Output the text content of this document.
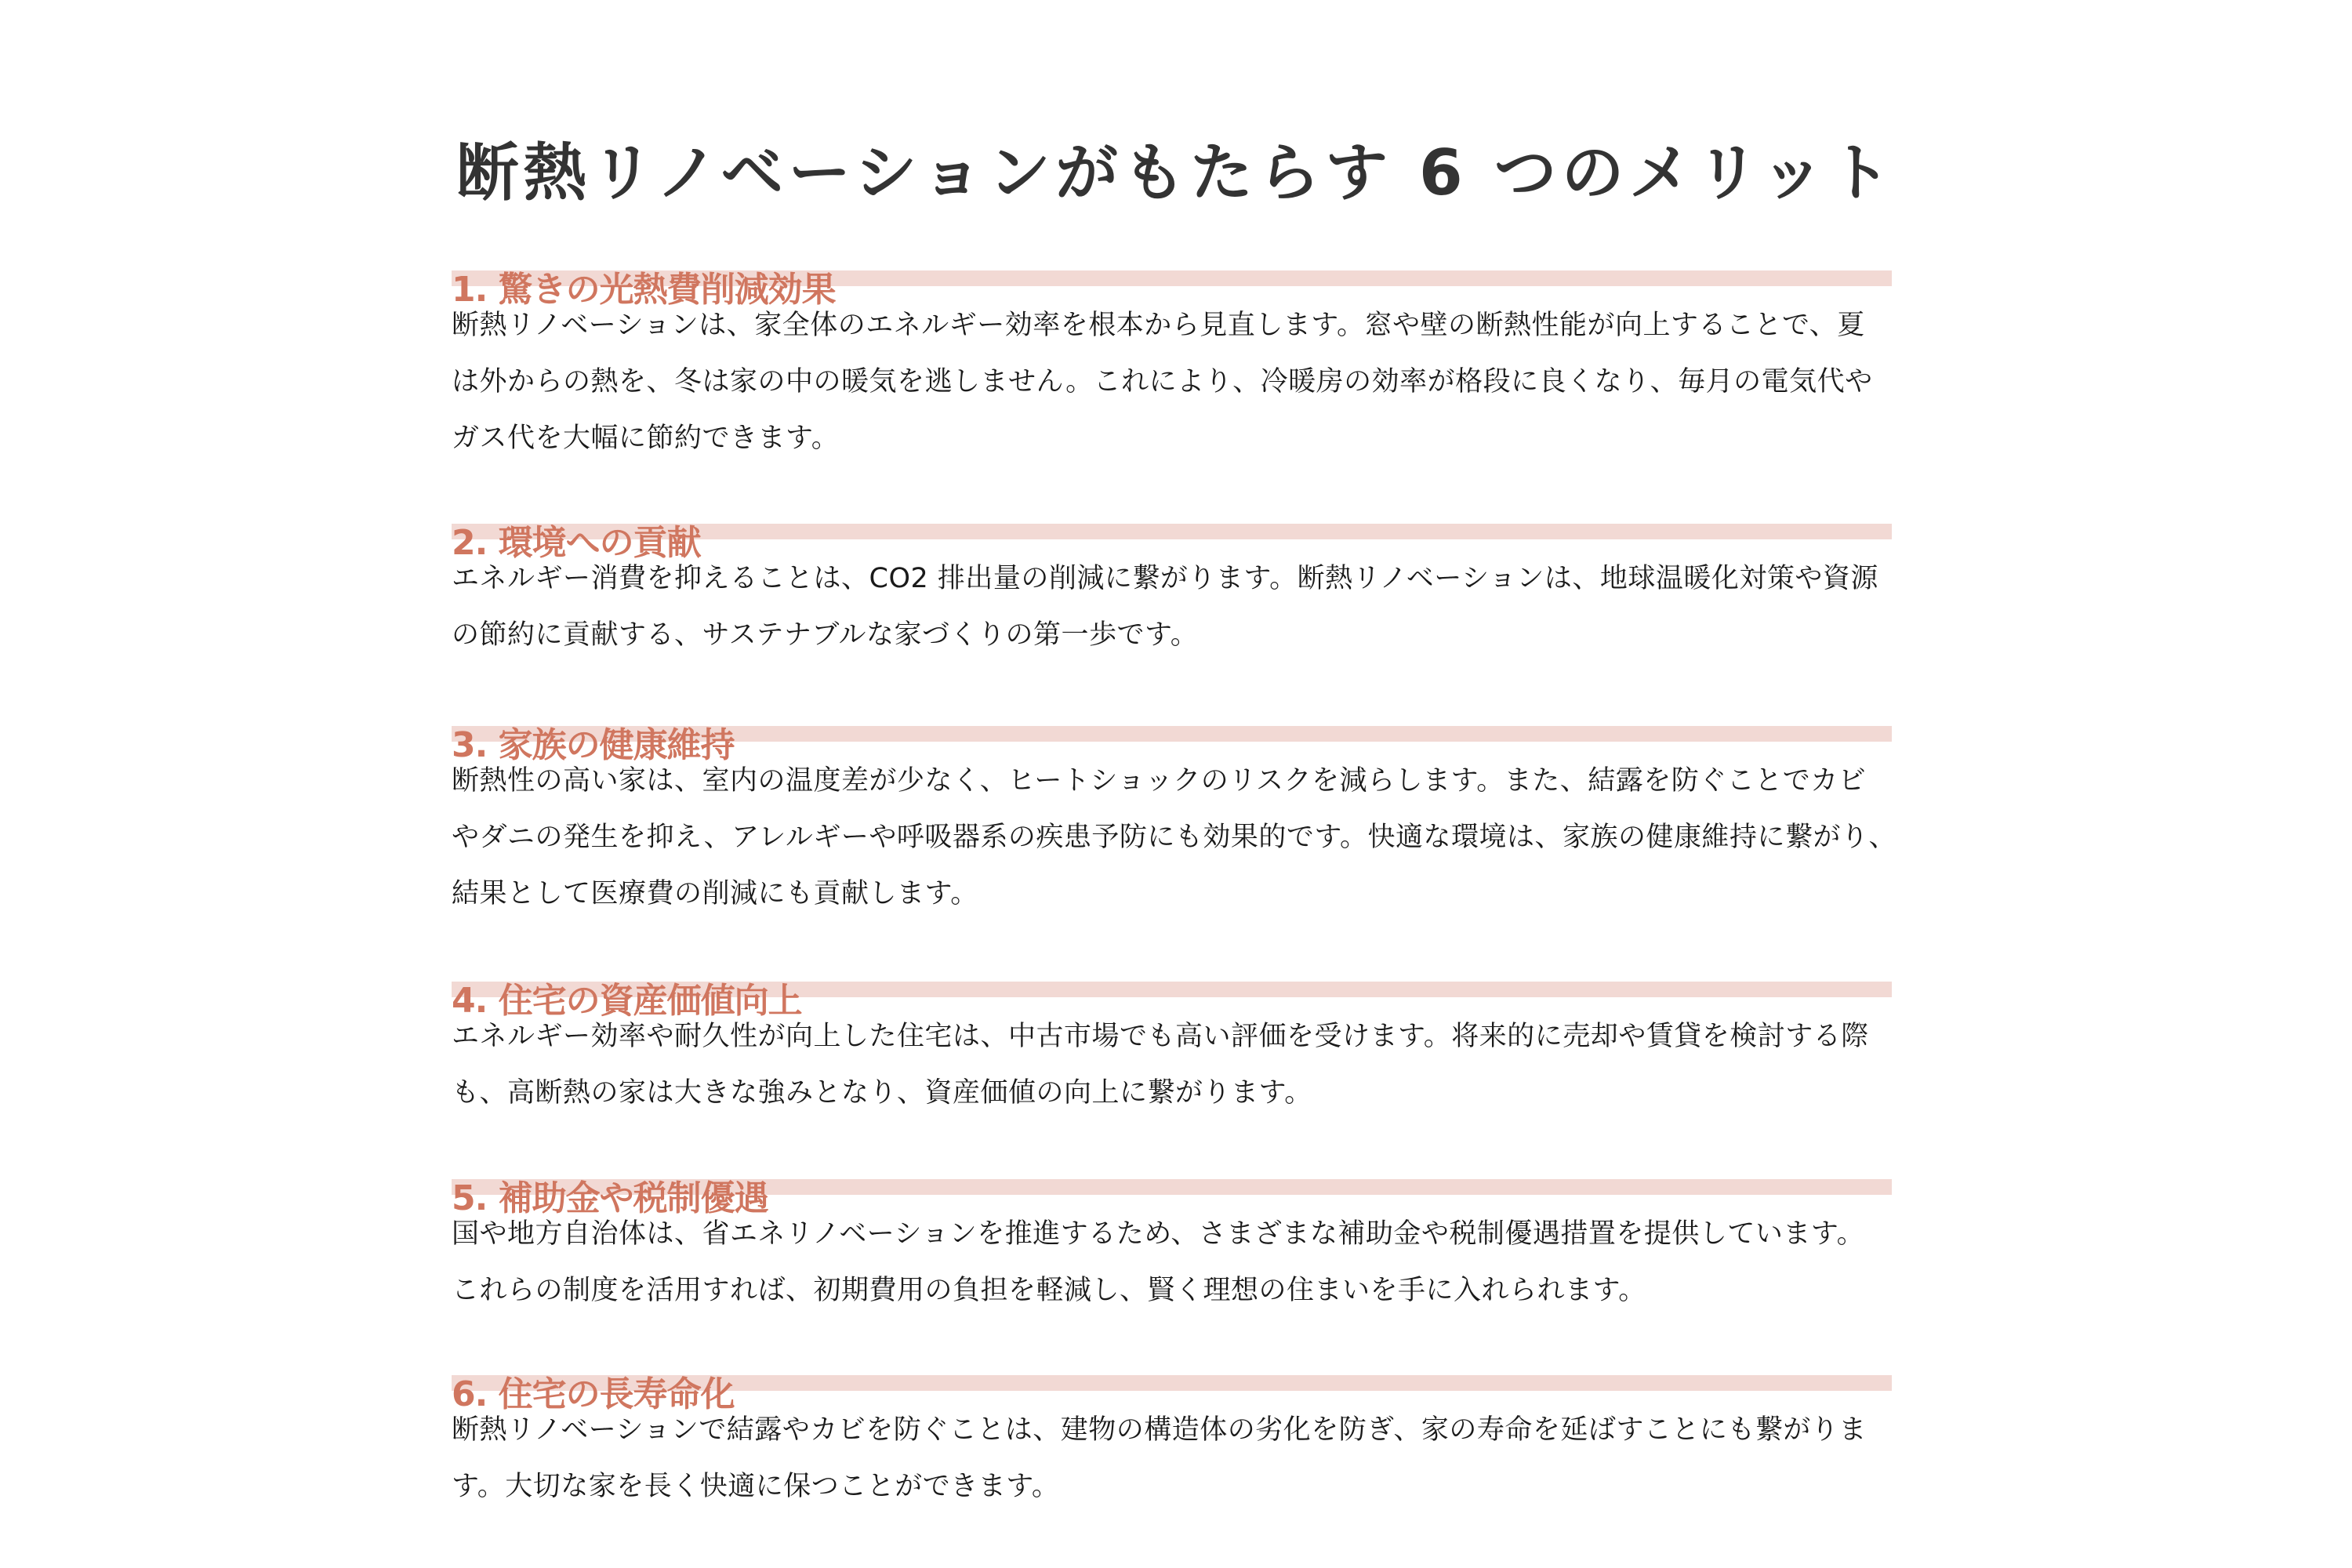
断熱リノベーションがもたらす 6 つのメリット
1. 驚きの光熱費削減効果
断熱リノベーションは、家全体のエネルギー効率を根本から見直します。窓や壁の断熱性能が向上することで、夏
は外からの熱を、冬は家の中の暖気を逃しません。これにより、冷暖房の効率が格段に良くなり、毎月の電気代や
ガス代を大幅に節約できます。
2. 環境への貢献
エネルギー消費を抑えることは、CO2 排出量の削減に繋がります。断熱リノベーションは、地球温暖化対策や資源
の節約に貢献する、サステナブルな家づくりの第一歩です。
3. 家族の健康維持
断熱性の高い家は、室内の温度差が少なく、ヒートショックのリスクを減らします。また、結露を防ぐことでカビ
やダニの発生を抑え、アレルギーや呼吸器系の疾患予防にも効果的です。快適な環境は、家族の健康維持に繋がり、
結果として医療費の削減にも貢献します。
4. 住宅の資産価値向上
エネルギー効率や耐久性が向上した住宅は、中古市場でも高い評価を受けます。将来的に売却や賃貸を検討する際
も、高断熱の家は大きな強みとなり、資産価値の向上に繋がります。
5. 補助金や税制優遇
国や地方自治体は、省エネリノベーションを推進するため、さまざまな補助金や税制優遇措置を提供しています。
これらの制度を活用すれば、初期費用の負担を軽減し、賢く理想の住まいを手に入れられます。
6. 住宅の長寿命化
断熱リノベーションで結露やカビを防ぐことは、建物の構造体の劣化を防ぎ、家の寿命を延ばすことにも繋がりま
す。大切な家を長く快適に保つことができます。
